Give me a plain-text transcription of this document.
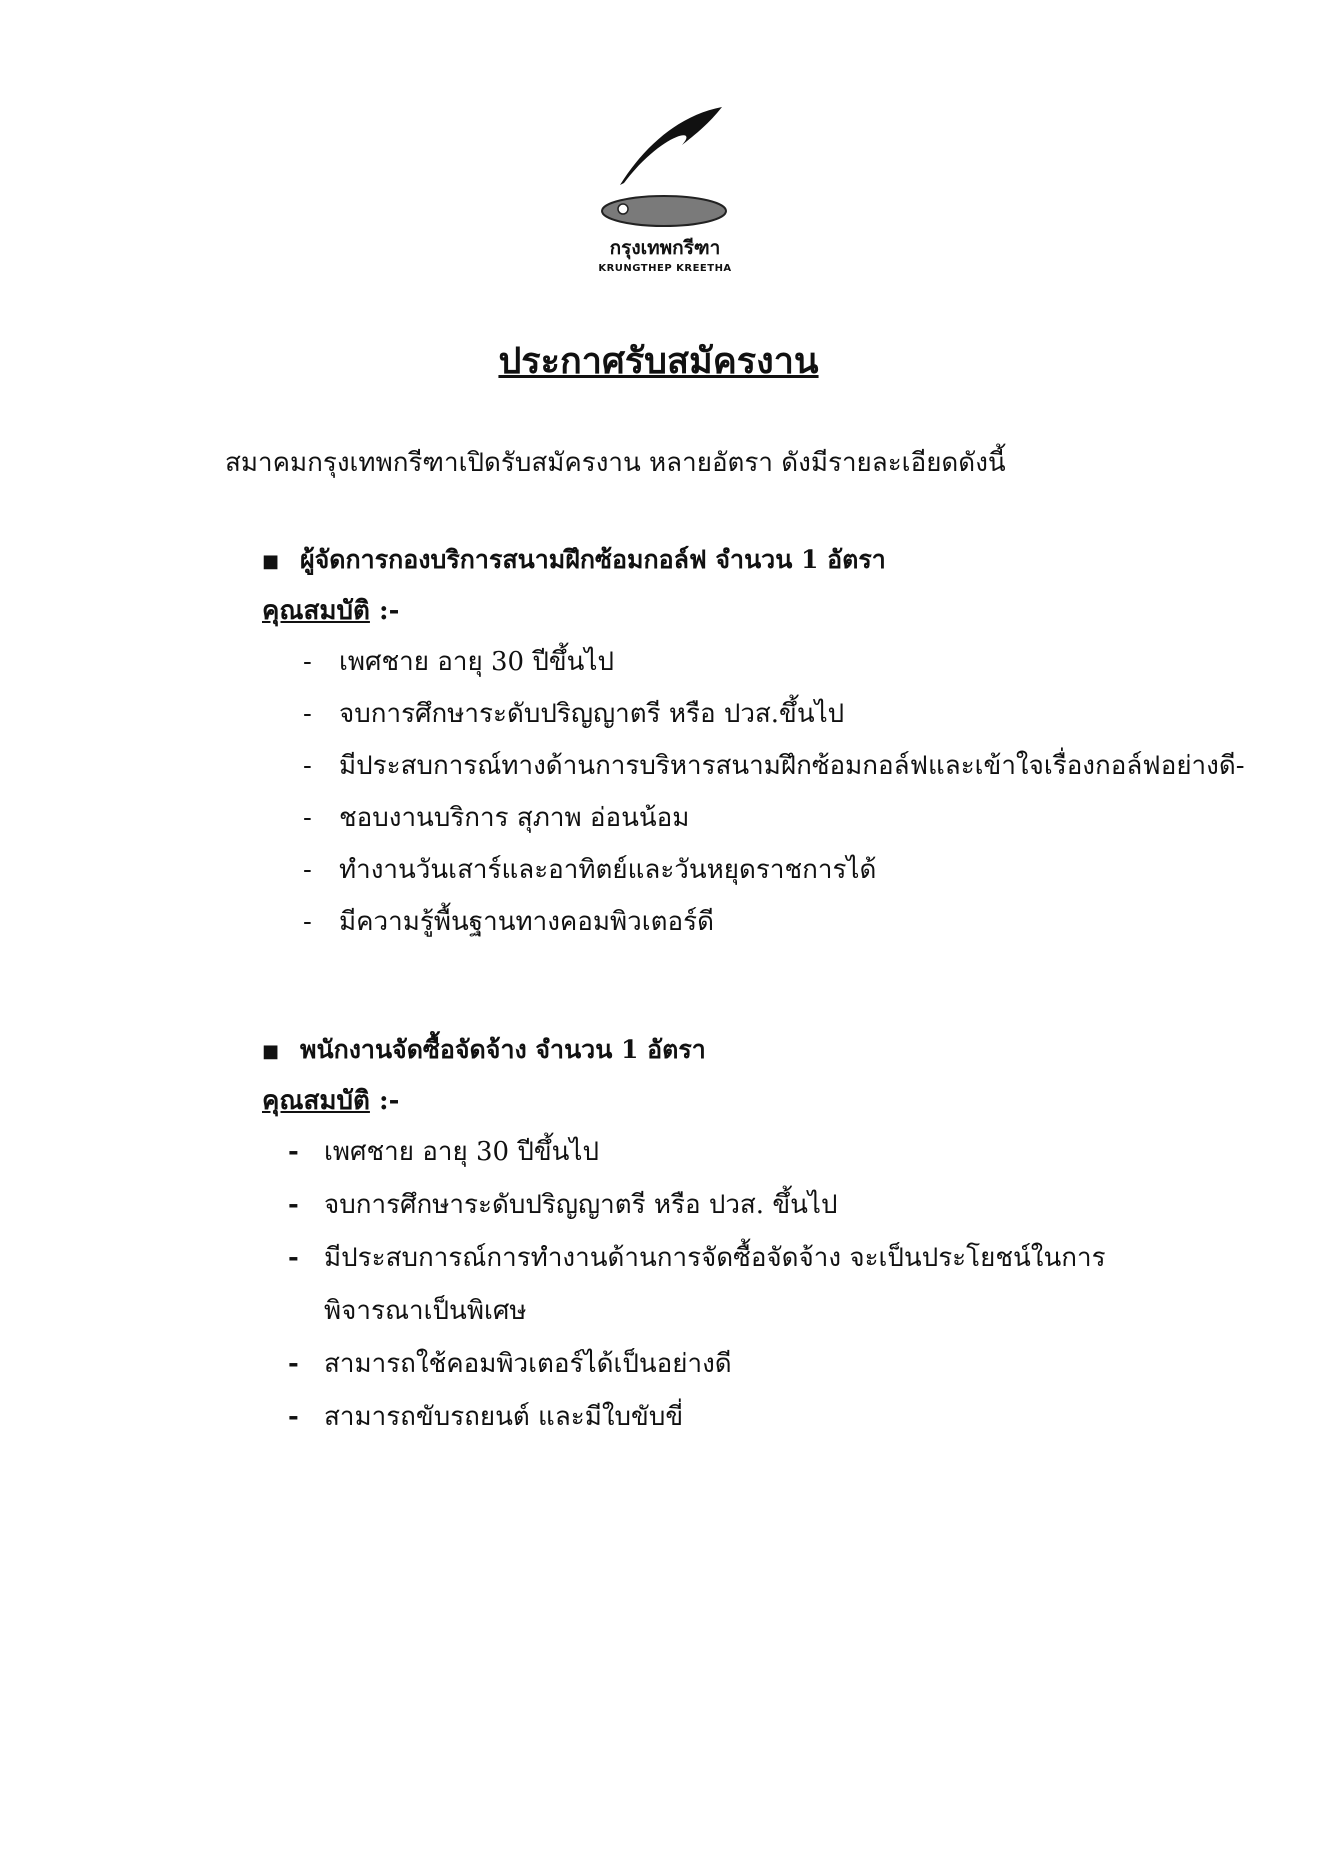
กรุงเทพกรีฑา
KRUNGTHEP KREETHA
ประกาศรับสมัครงาน
สมาคมกรุงเทพกรีฑาเปิดรับสมัครงาน หลายอัตรา ดังมีรายละเอียดดังนี้
■ ผู้จัดการกองบริการสนามฝึกซ้อมกอล์ฟ จำนวน 1 อัตรา
คุณสมบัติ :-
- เพศชาย อายุ 30 ปีขึ้นไป
- จบการศึกษาระดับปริญญาตรี หรือ ปวส.ขึ้นไป
- มีประสบการณ์ทางด้านการบริหารสนามฝึกซ้อมกอล์ฟและเข้าใจเรื่องกอล์ฟอย่างดี-
- ชอบงานบริการ สุภาพ อ่อนน้อม
- ทำงานวันเสาร์และอาทิตย์และวันหยุดราชการได้
- มีความรู้พื้นฐานทางคอมพิวเตอร์ดี
■ พนักงานจัดซื้อจัดจ้าง จำนวน 1 อัตรา
คุณสมบัติ :-
- เพศชาย อายุ 30 ปีขึ้นไป
- จบการศึกษาระดับปริญญาตรี หรือ ปวส. ขึ้นไป
- มีประสบการณ์การทำงานด้านการจัดซื้อจัดจ้าง จะเป็นประโยชน์ในการ
พิจารณาเป็นพิเศษ
- สามารถใช้คอมพิวเตอร์ได้เป็นอย่างดี
- สามารถขับรถยนต์ และมีใบขับขี่
